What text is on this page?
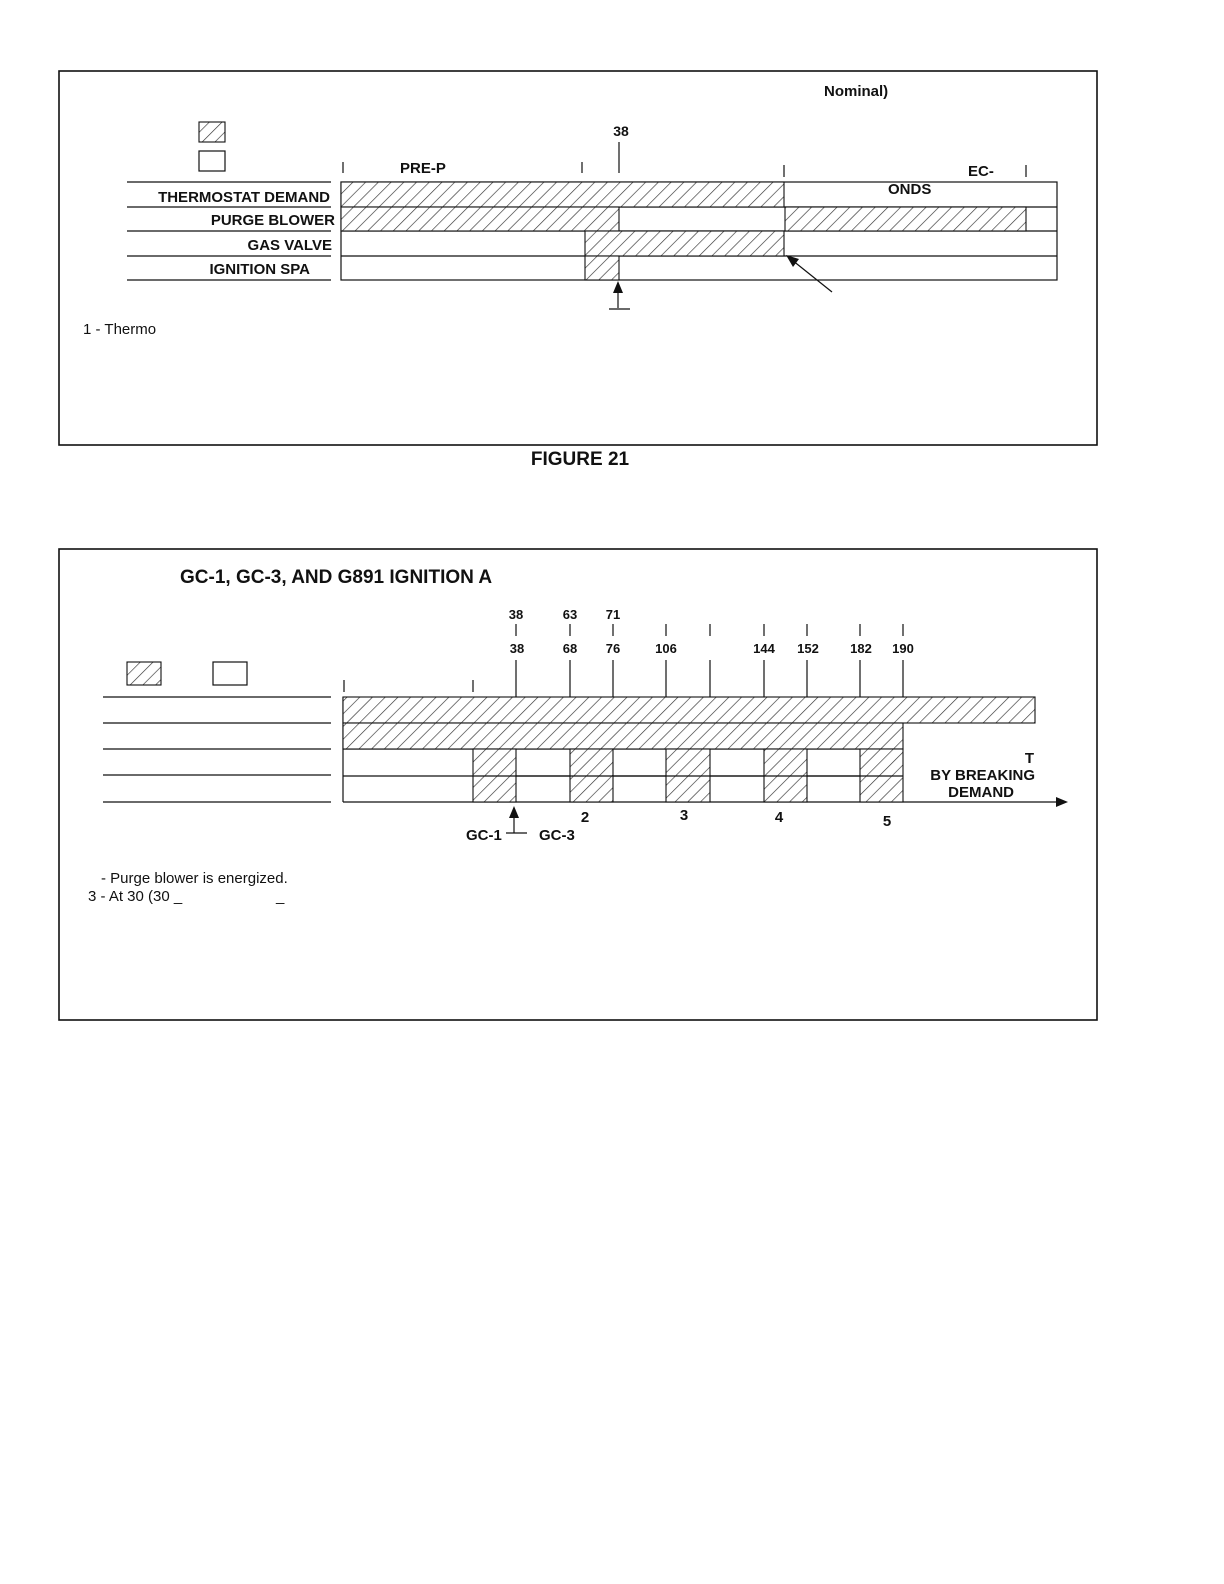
Nominal)
38
PRE-P	EC-
ONDS
THERMOSTAT DEMAND
PURGE BLOWER
GAS VALVE
IGNITION SPA
1 - Thermo
FIGURE 21
GC-1, GC-3, AND G891 IGNITION A
38	63 71
38	68 76	106	144 152 182 190
T
BY BREAKING
DEMAND
2	3	4	5
GC-1 GC-3
- Purge blower is energized.
3 - At 30 (30 _	_
